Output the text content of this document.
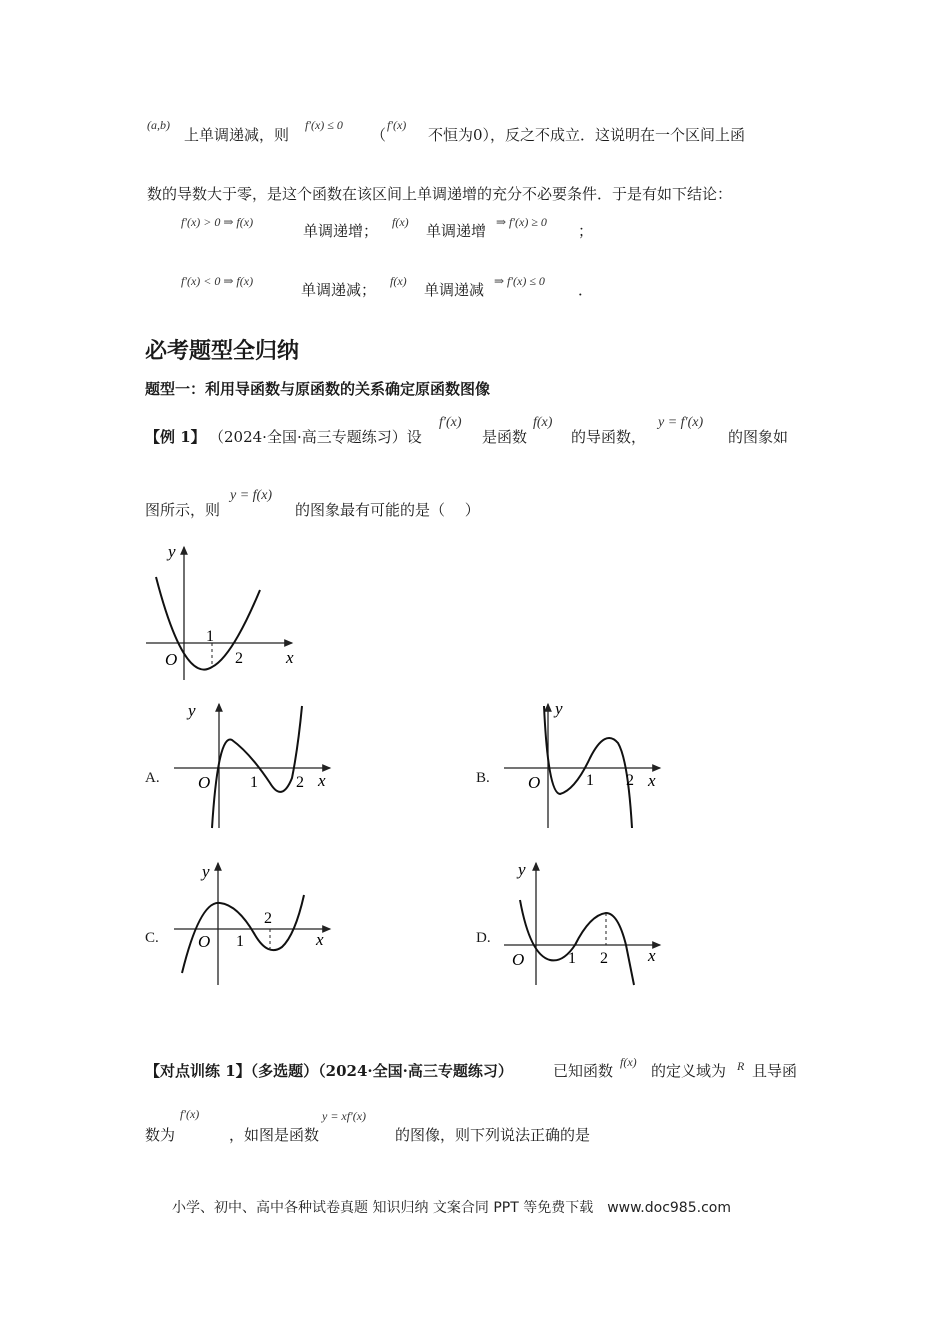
(a,b)
上单调递减，则
f′(x) ≤ 0
（
f′(x)
不恒为0），反之不成立．这说明在一个区间上函
数的导数大于零，是这个函数在该区间上单调递增的充分不必要条件．于是有如下结论：
f′(x) > 0 ⇒ f(x)	单调递增； f(x) 单调递增 ⇒ f′(x) ≥ 0 ；
f′(x) < 0 ⇒ f(x)	单调递减； f(x) 单调递减 ⇒ f′(x) ≤ 0 ．
必考题型全归纳
题型一：利用导函数与原函数的关系确定原函数图像
【例 1】 （2024·全国·高三专题练习）设
f′(x)
是函数
f(x)
的导函数，
y = f′(x)
的图象如
图所示，则
y = f(x)
的图象最有可能的是（　 ）
y
x
O
1
2
A.
y
x
O 1 2	B.
y
x
O	1 2
C.
y
x
O 1
2
D.
y
x
O	1 2
【对点训练 1】（多选题）（2024·全国·高三专题练习）	已知函数 f(x) 的定义域为 R 且导函
数为
f′(x)
，如图是函数
y = xf′(x)
的图像，则下列说法正确的是
小学、初中、高中各种试卷真题 知识归纳 文案合同 PPT 等免费下载　www.doc985.com
